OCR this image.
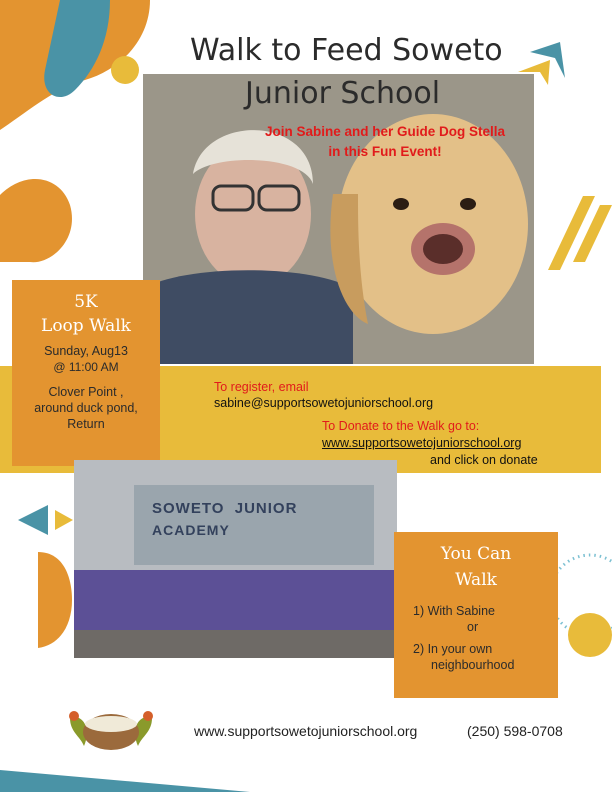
Walk to Feed Soweto
Junior School
Join Sabine and her Guide Dog Stella
in this Fun Event!
5K
Loop Walk
Sunday, Aug13
@ 11:00 AM
Clover Point ,
around duck pond,
Return
To register, email
sabine@supportsowetojuniorschool.org
To Donate to the Walk go to:
www.supportsowetojuniorschool.org
and click on donate
SOWETO  JUNIOR
ACADEMY
You Can
Walk
1) With Sabine
or
2) In your own
neighbourhood
www.supportsowetojuniorschool.org	(250) 598-0708
